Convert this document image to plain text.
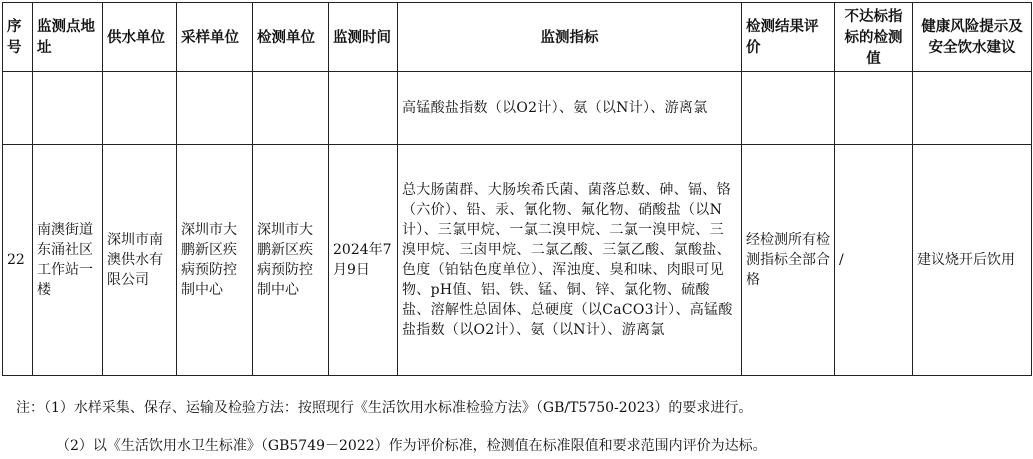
序号	监测点地址	供水单位	采样单位	检测单位	监测时间	监测指标	检测结果评价	不达标指标的检测值	健康风险提示及安全饮水建议
						高锰酸盐指数（以O2计）、氨（以N计）、游离氯			
22	南澳街道东涌社区工作站一楼	深圳市南澳供水有限公司	深圳市大鹏新区疾病预防控制中心	深圳市大鹏新区疾病预防控制中心	2024年7月9日	总大肠菌群、大肠埃希氏菌、菌落总数、砷、镉、铬（六价）、铅、汞、氰化物、氟化物、硝酸盐（以N计）、三氯甲烷、一氯二溴甲烷、二氯一溴甲烷、三溴甲烷、三卤甲烷、二氯乙酸、三氯乙酸、氯酸盐、色度（铂钴色度单位）、浑浊度、臭和味、肉眼可见物、pH值、铝、铁、锰、铜、锌、氯化物、硫酸盐、溶解性总固体、总硬度（以CaCO3计）、高锰酸盐指数（以O2计）、氨（以N计）、游离氯	经检测所有检测指标全部合格	/	建议烧开后饮用
注：（1）水样采集、保存、运输及检验方法：按照现行《生活饮用水标准检验方法》（GB/T5750-2023）的要求进行。
（2）以《生活饮用水卫生标准》（GB5749－2022）作为评价标准，检测值在标准限值和要求范围内评价为达标。
